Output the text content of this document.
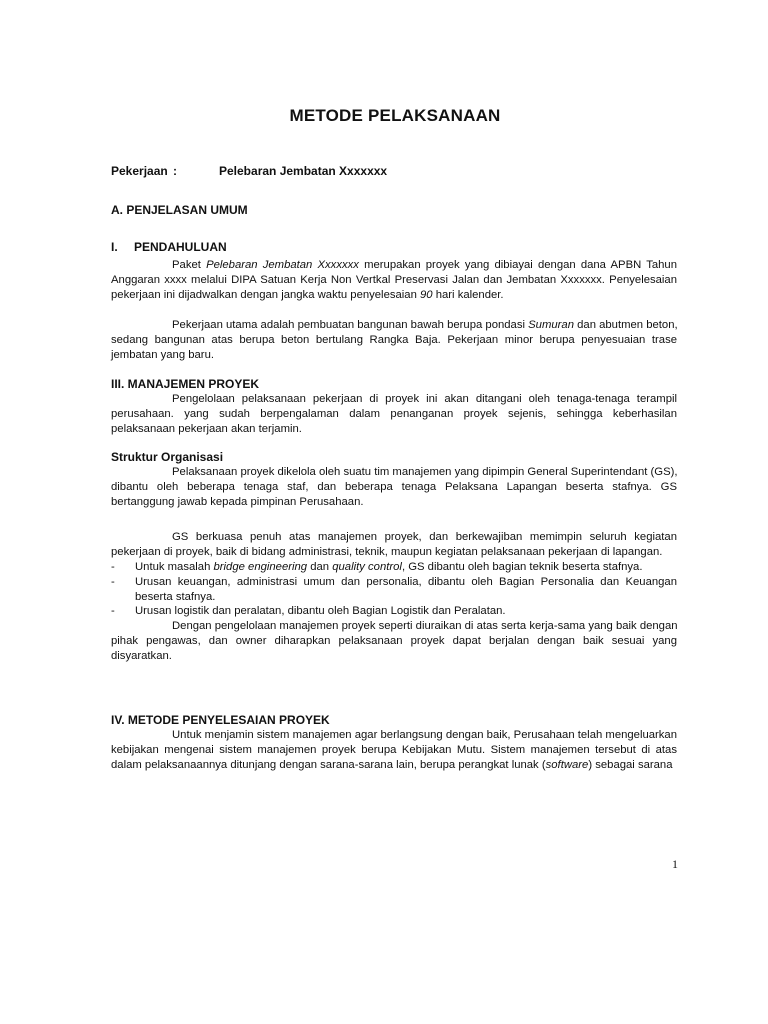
METODE PELAKSANAAN
Pekerjaan :	Pelebaran Jembatan Xxxxxxx
A. PENJELASAN UMUM
I. PENDAHULUAN
Paket Pelebaran Jembatan Xxxxxxx merupakan proyek yang dibiayai dengan dana APBN Tahun
Anggaran xxxx melalui DIPA Satuan Kerja Non Vertkal Preservasi Jalan dan Jembatan Xxxxxxx. Penyelesaian
pekerjaan ini dijadwalkan dengan jangka waktu penyelesaian 90 hari kalender.
Pekerjaan utama adalah pembuatan bangunan bawah berupa pondasi Sumuran dan abutmen beton,
sedang bangunan atas berupa beton bertulang Rangka Baja. Pekerjaan minor berupa penyesuaian trase
jembatan yang baru.
III. MANAJEMEN PROYEK
Pengelolaan pelaksanaan pekerjaan di proyek ini akan ditangani oleh tenaga-tenaga terampil
perusahaan. yang sudah berpengalaman dalam penanganan proyek sejenis, sehingga keberhasilan
pelaksanaan pekerjaan akan terjamin.
Struktur Organisasi
Pelaksanaan proyek dikelola oleh suatu tim manajemen yang dipimpin General Superintendant (GS),
dibantu oleh beberapa tenaga staf, dan beberapa tenaga Pelaksana Lapangan beserta stafnya. GS
bertanggung jawab kepada pimpinan Perusahaan.
GS berkuasa penuh atas manajemen proyek, dan berkewajiban memimpin seluruh kegiatan
pekerjaan di proyek, baik di bidang administrasi, teknik, maupun kegiatan pelaksanaan pekerjaan di lapangan.
- Untuk masalah bridge engineering dan quality control, GS dibantu oleh bagian teknik beserta stafnya.
- Urusan keuangan, administrasi umum dan personalia, dibantu oleh Bagian Personalia dan Keuangan
beserta stafnya.
- Urusan logistik dan peralatan, dibantu oleh Bagian Logistik dan Peralatan.
Dengan pengelolaan manajemen proyek seperti diuraikan di atas serta kerja-sama yang baik dengan
pihak pengawas, dan owner diharapkan pelaksanaan proyek dapat berjalan dengan baik sesuai yang
disyaratkan.
IV. METODE PENYELESAIAN PROYEK
Untuk menjamin sistem manajemen agar berlangsung dengan baik, Perusahaan telah mengeluarkan
kebijakan mengenai sistem manajemen proyek berupa Kebijakan Mutu. Sistem manajemen tersebut di atas
dalam pelaksanaannya ditunjang dengan sarana-sarana lain, berupa perangkat lunak (software) sebagai sarana
1
